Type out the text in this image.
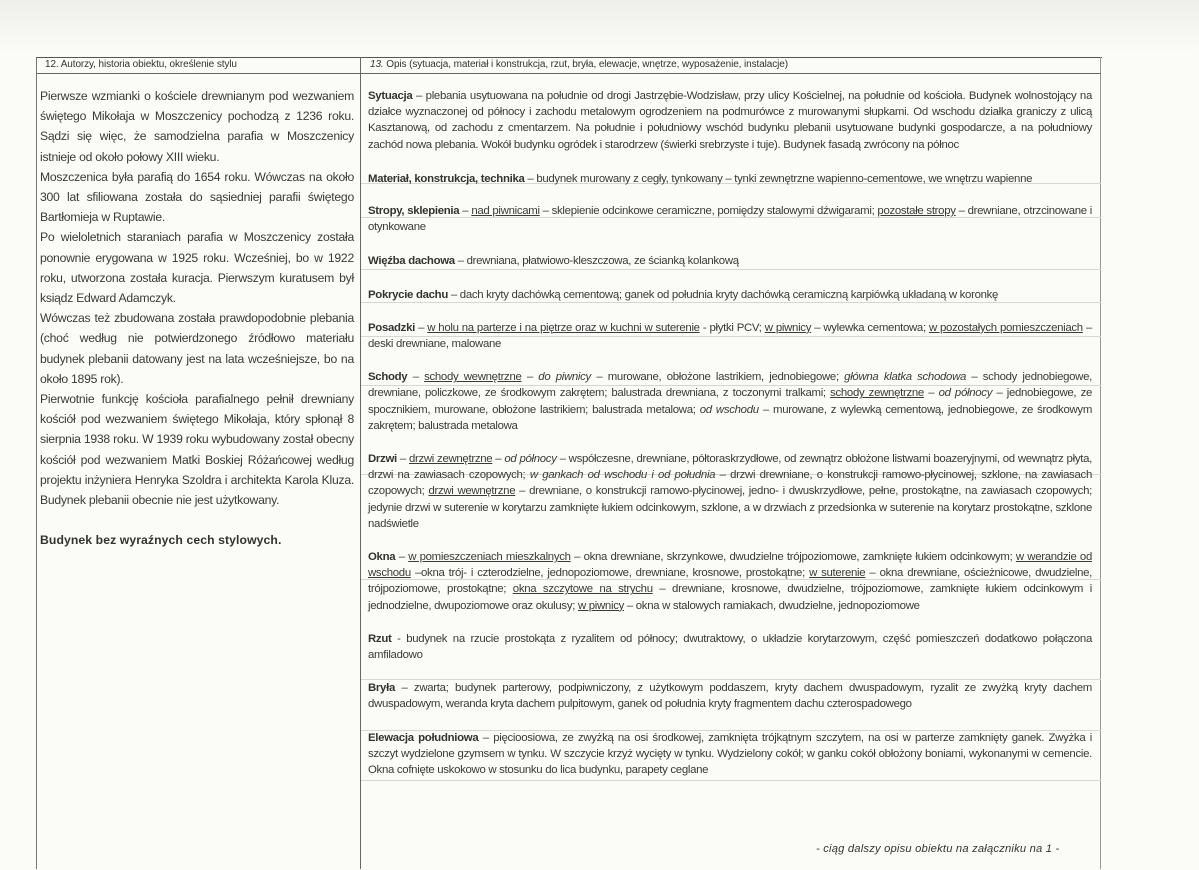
12. Autorzy, historia obiektu, określenie stylu	13. Opis (sytuacja, materiał i konstrukcja, rzut, bryła, elewacje, wnętrze, wyposażenie, instalacje)

Pierwsze wzmianki o kościele drewnianym pod wezwaniem świętego Mikołaja w Moszczenicy pochodzą z 1236 roku. Sądzi się więc, że samodzielna parafia w Moszczenicy istnieje od około połowy XIII wieku.

Moszczenica była parafią do 1654 roku. Wówczas na około 300 lat sfiliowana została do sąsiedniej parafii świętego Bartłomieja w Ruptawie.

Po wieloletnich staraniach parafia w Moszczenicy została ponownie erygowana w 1925 roku. Wcześniej, bo w 1922 roku, utworzona została kuracja. Pierwszym kuratusem był ksiądz Edward Adamczyk.

Wówczas też zbudowana została prawdopodobnie plebania (choć według nie potwierdzonego źródłowo materiału budynek plebanii datowany jest na lata wcześniejsze, bo na około 1895 rok).

Pierwotnie funkcję kościoła parafialnego pełnił drewniany kościół pod wezwaniem świętego Mikołaja, który spłonął 8 sierpnia 1938 roku. W 1939 roku wybudowany został obecny kościół pod wezwaniem Matki Boskiej Różańcowej według projektu inżyniera Henryka Szoldra i architekta Karola Kluza. Budynek plebanii obecnie nie jest użytkowany.

Budynek bez wyraźnych cech stylowych.

Sytuacja – plebania usytuowana na południe od drogi Jastrzębie-Wodzisław, przy ulicy Kościelnej, na południe od kościoła. Budynek wolnostojący na działce wyznaczonej od północy i zachodu metalowym ogrodzeniem na podmurówce z murowanymi słupkami. Od wschodu działka graniczy z ulicą Kasztanową, od zachodu z cmentarzem. Na południe i południowy wschód budynku plebanii usytuowane budynki gospodarcze, a na południowy zachód nowa plebania. Wokół budynku ogródek i starodrzew (świerki srebrzyste i tuje). Budynek fasadą zwrócony na północ

Materiał, konstrukcja, technika – budynek murowany z cegły, tynkowany – tynki zewnętrzne wapienno-cementowe, we wnętrzu wapienne

Stropy, sklepienia – nad piwnicami – sklepienie odcinkowe ceramiczne, pomiędzy stalowymi dźwigarami; pozostałe stropy – drewniane, otrzcinowane i otynkowane

Więźba dachowa – drewniana, płatwiowo-kleszczowa, ze ścianką kolankową

Pokrycie dachu – dach kryty dachówką cementową; ganek od południa kryty dachówką ceramiczną karpiówką układaną w koronkę

Posadzki – w holu na parterze i na piętrze oraz w kuchni w suterenie - płytki PCV; w piwnicy – wylewka cementowa; w pozostałych pomieszczeniach – deski drewniane, malowane

Schody – schody wewnętrzne – do piwnicy – murowane, obłożone lastrikiem, jednobiegowe; główna klatka schodowa – schody jednobiegowe, drewniane, policzkowe, ze środkowym zakrętem; balustrada drewniana, z toczonymi tralkami; schody zewnętrzne – od północy – jednobiegowe, ze spocznikiem, murowane, obłożone lastrikiem; balustrada metalowa; od wschodu – murowane, z wylewką cementową, jednobiegowe, ze środkowym zakrętem; balustrada metalowa

Drzwi – drzwi zewnętrzne – od północy – współczesne, drewniane, półtoraskrzydłowe, od zewnątrz obłożone listwami boazeryjnymi, od wewnątrz płyta, drzwi na zawiasach czopowych; w gankach od wschodu i od południa – drzwi drewniane, o konstrukcji ramowo-płycinowej, szklone, na zawiasach czopowych; drzwi wewnętrzne – drewniane, o konstrukcji ramowo-płycinowej, jedno- i dwuskrzydłowe, pełne, prostokątne, na zawiasach czopowych; jedynie drzwi w suterenie w korytarzu zamknięte łukiem odcinkowym, szklone, a w drzwiach z przedsionka w suterenie na korytarz prostokątne, szklone nadświetle

Okna – w pomieszczeniach mieszkalnych – okna drewniane, skrzynkowe, dwudzielne trójpoziomowe, zamknięte łukiem odcinkowym; w werandzie od wschodu –okna trój- i czterodzielne, jednopoziomowe, drewniane, krosnowe, prostokątne; w suterenie – okna drewniane, ościeżnicowe, dwudzielne, trójpoziomowe, prostokątne; okna szczytowe na strychu – drewniane, krosnowe, dwudzielne, trójpoziomowe, zamknięte łukiem odcinkowym i jednodzielne, dwupoziomowe oraz okulusy; w piwnicy – okna w stalowych ramiakach, dwudzielne, jednopoziomowe

Rzut - budynek na rzucie prostokąta z ryzalitem od północy; dwutraktowy, o układzie korytarzowym, część pomieszczeń dodatkowo połączona amfiladowo

Bryła – zwarta; budynek parterowy, podpiwniczony, z użytkowym poddaszem, kryty dachem dwuspadowym, ryzalit ze zwyżką kryty dachem dwuspadowym, weranda kryta dachem pulpitowym, ganek od południa kryty fragmentem dachu czterospadowego

Elewacja południowa – pięcioosiowa, ze zwyżką na osi środkowej, zamknięta trójkątnym szczytem, na osi w parterze zamknięty ganek. Zwyżka i szczyt wydzielone gzymsem w tynku. W szczycie krzyż wycięty w tynku. Wydzielony cokół; w ganku cokół obłożony boniami, wykonanymi w cemencie. Okna cofnięte uskokowo w stosunku do lica budynku, parapety ceglane

- ciąg dalszy opisu obiektu na załączniku na 1 -
